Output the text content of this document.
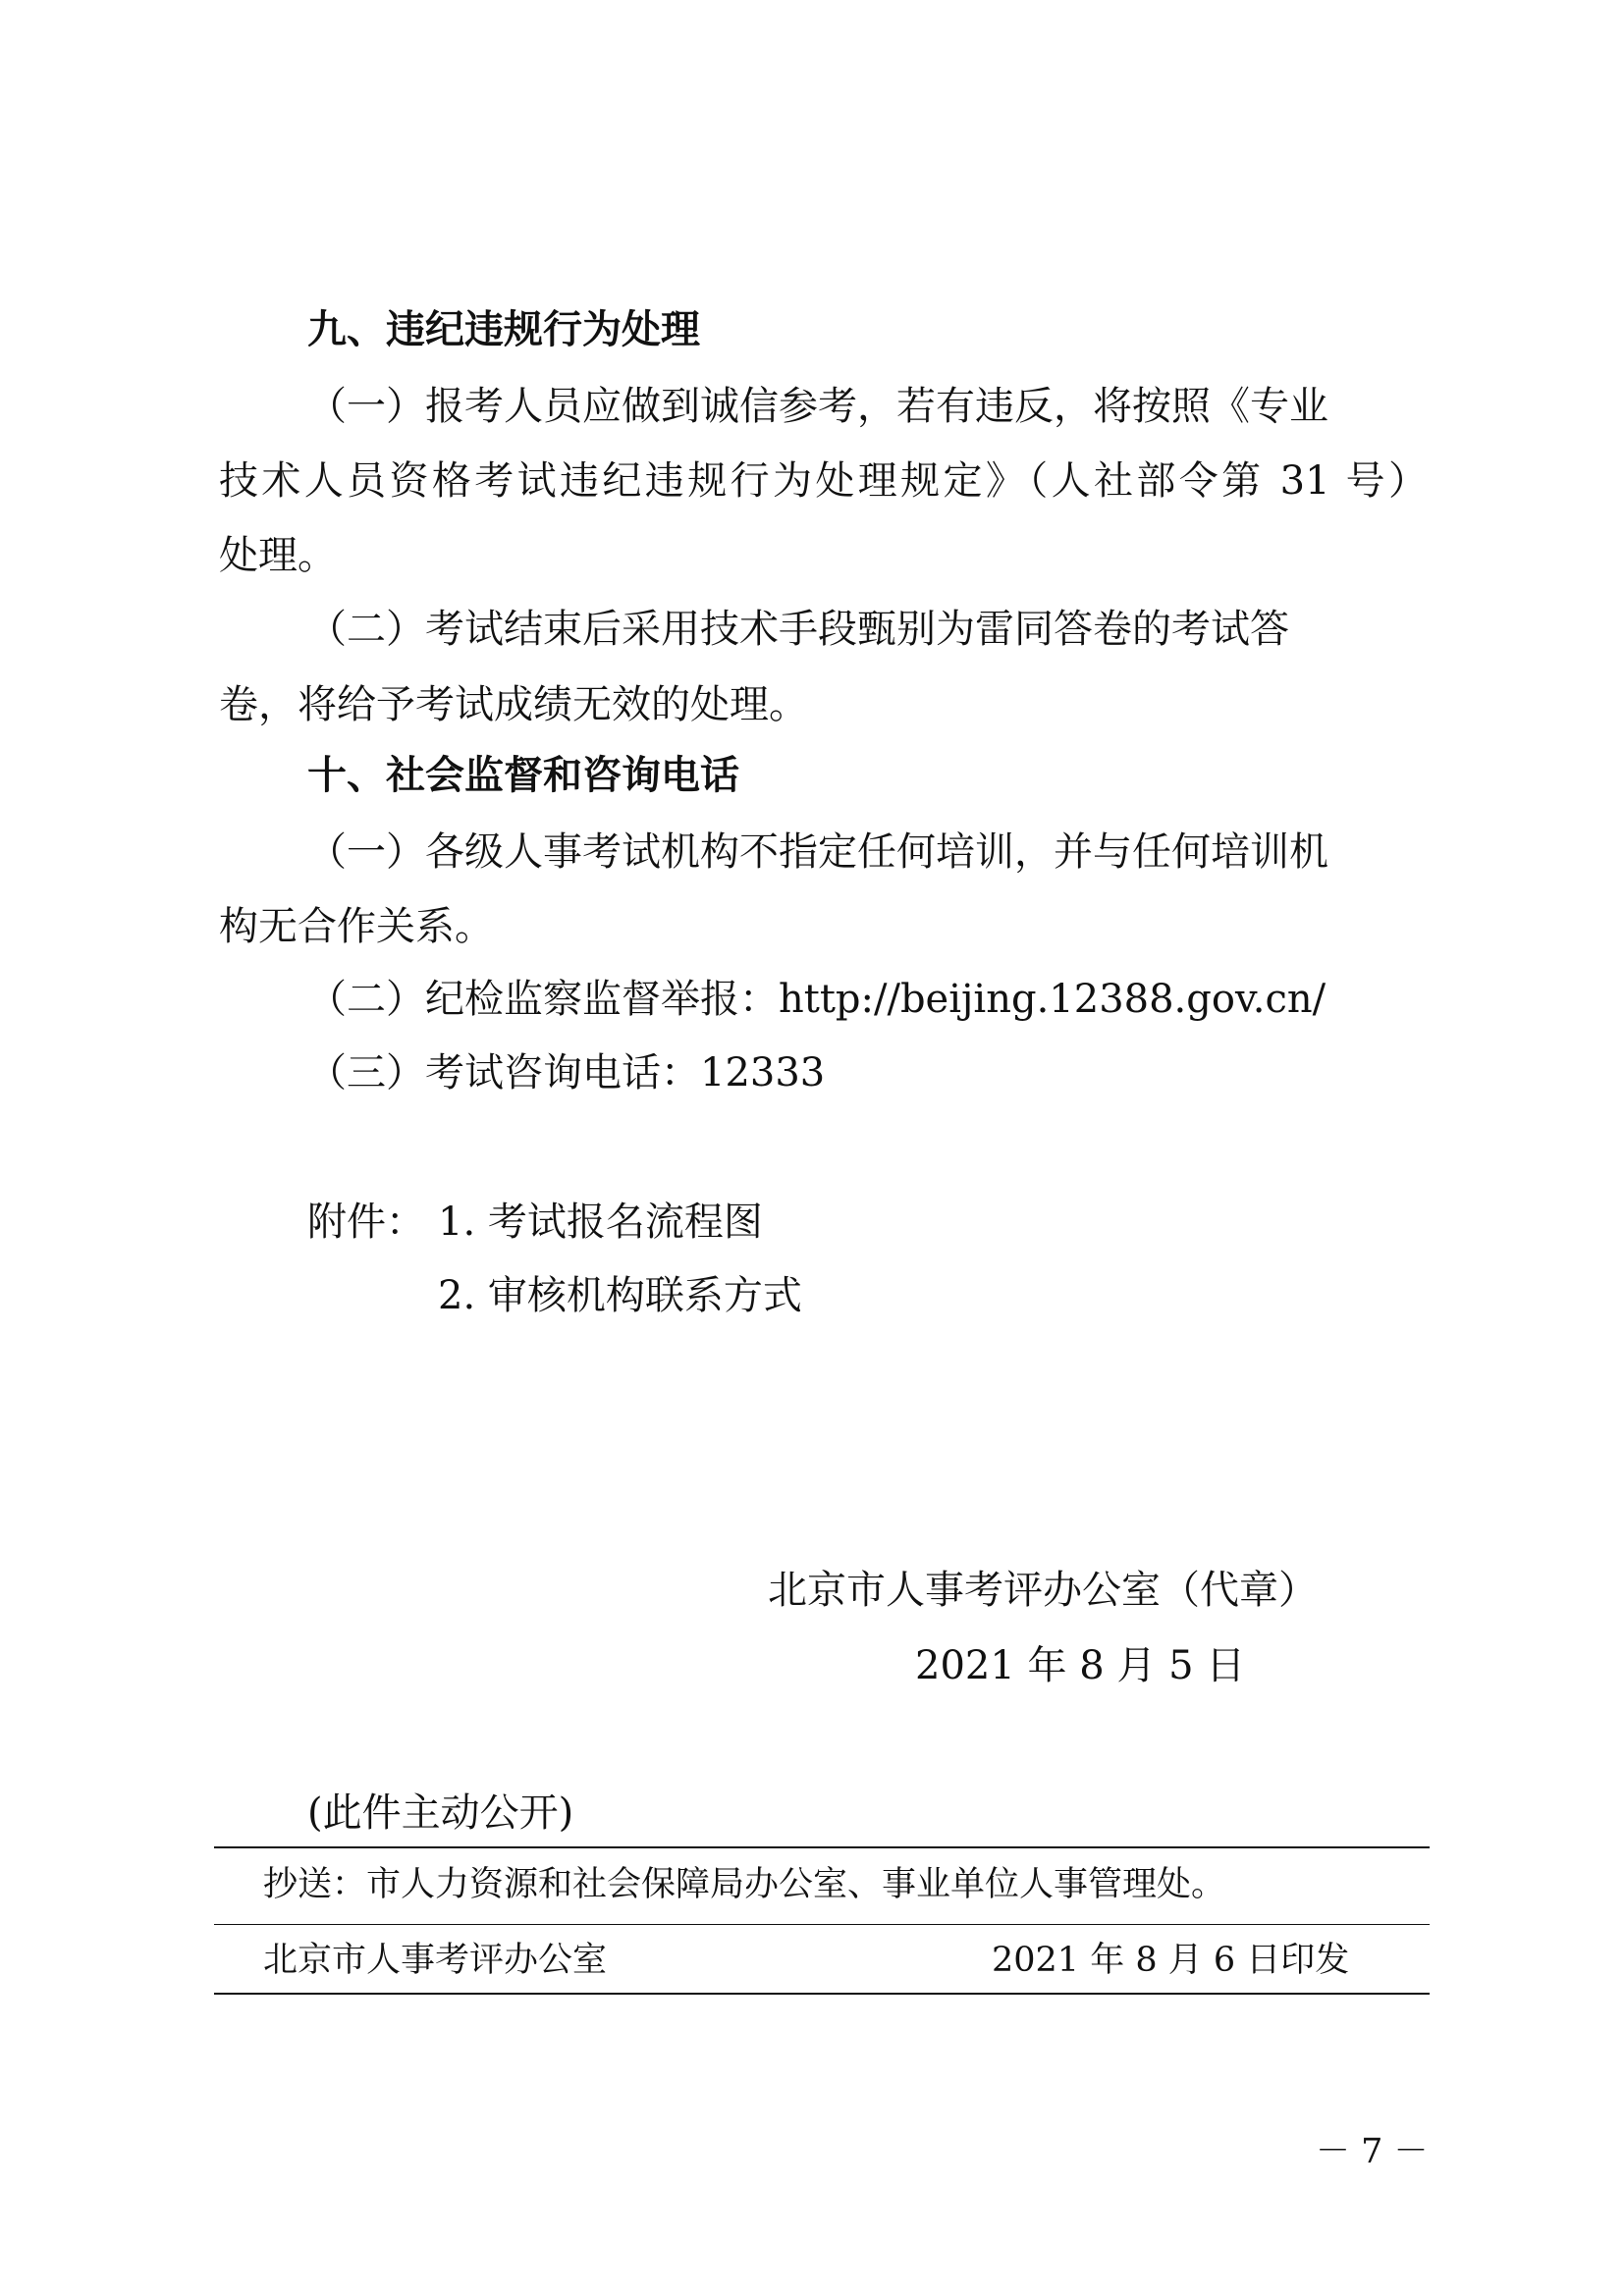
九、违纪违规行为处理
（一）报考人员应做到诚信参考，若有违反，将按照《专业
技术人员资格考试违纪违规行为处理规定》（人社部令第 31 号）
处理。
（二）考试结束后采用技术手段甄别为雷同答卷的考试答
卷，将给予考试成绩无效的处理。
十、社会监督和咨询电话
（一）各级人事考试机构不指定任何培训，并与任何培训机
构无合作关系。
（二）纪检监察监督举报：http://beijing.12388.gov.cn/
（三）考试咨询电话：12333
附件： 1. 考试报名流程图
2. 审核机构联系方式
北京市人事考评办公室（代章）
2021 年 8 月 5 日
(此件主动公开)
抄送：市人力资源和社会保障局办公室、事业单位人事管理处。
北京市人事考评办公室	2021 年 8 月 6 日印发
－ 7 －
